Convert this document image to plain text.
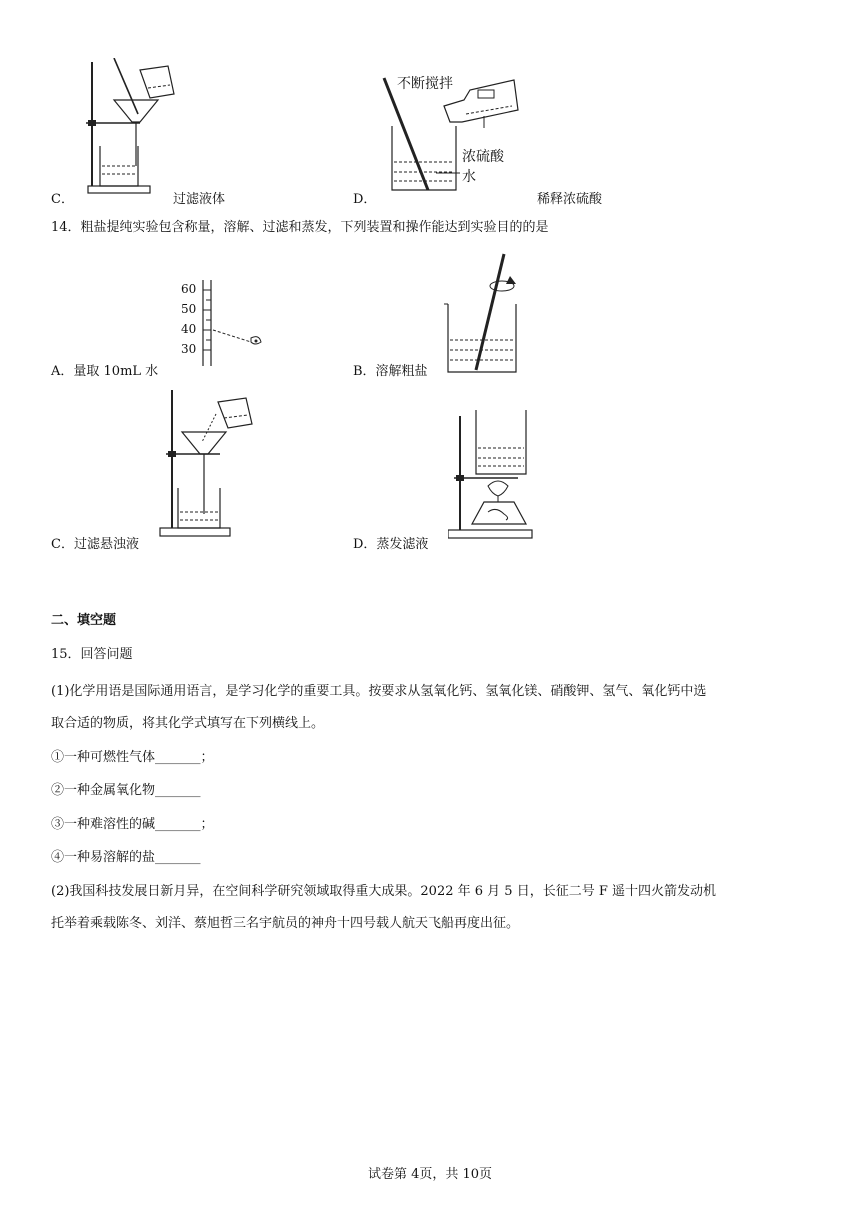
C．	过滤液体
不断搅拌
浓硫酸
水
D．	稀释浓硫酸
14．粗盐提纯实验包含称量，溶解、过滤和蒸发，下列装置和操作能达到实验目的的是
60
50
40
30
A．量取 10mL 水	B．溶解粗盐
C．过滤悬浊液	D．蒸发滤液
二、填空题
15．回答问题
(1)化学用语是国际通用语言，是学习化学的重要工具。按要求从氢氧化钙、氢氧化镁、硝酸钾、氢气、氧化钙中选
取合适的物质，将其化学式填写在下列横线上。
①一种可燃性气体_______；
②一种金属氧化物_______
③一种难溶性的碱_______；
④一种易溶解的盐_______
(2)我国科技发展日新月异，在空间科学研究领域取得重大成果。2022 年 6 月 5 日，长征二号 F 遥十四火箭发动机
托举着乘载陈冬、刘洋、蔡旭哲三名宇航员的神舟十四号载人航天飞船再度出征。
试卷第 4页，共 10页
